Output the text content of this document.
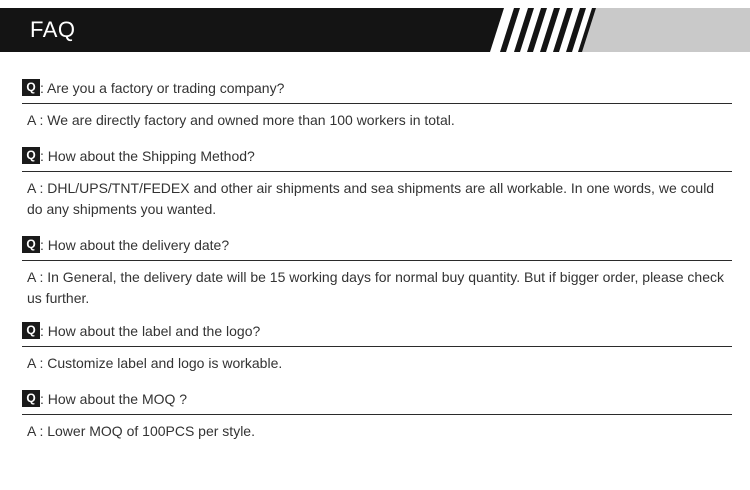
FAQ
Q : Are you a factory or trading company?

A : We are directly factory and owned more than 100 workers in total.

Q : How about the Shipping Method?

A : DHL/UPS/TNT/FEDEX and other air shipments and sea shipments are all workable. In one words, we could do any shipments you wanted.

Q : How about the delivery date?

A : In General, the delivery date will be 15 working days for normal buy quantity. But if bigger order, please check us further.

Q : How about the label and the logo?

A : Customize label and logo is workable.

Q : How about the MOQ ?

A : Lower MOQ of 100PCS per style.
